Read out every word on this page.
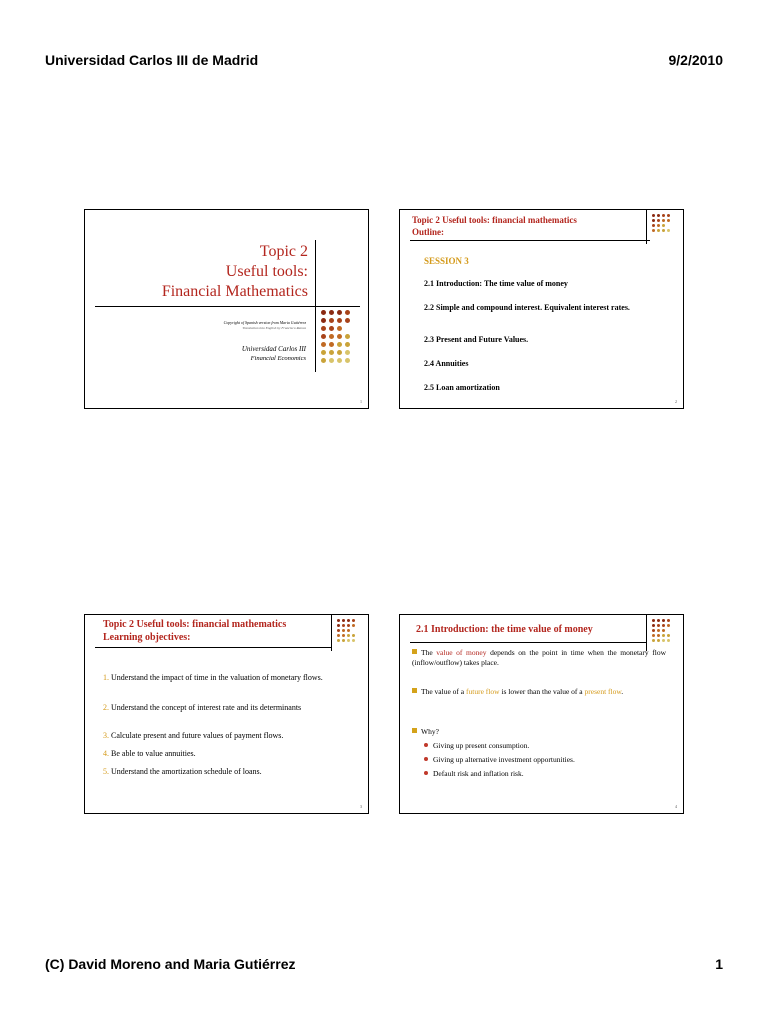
Universidad Carlos III de Madrid	9/2/2010
Topic 2
Useful tools:
Financial Mathematics
Copyright of Spanish version from Maria Gutiérrez
Translation into English by Francisco Ramos
Universidad Carlos III
Financial Economics
1
Topic 2 Useful tools: financial mathematics
Outline:
SESSION 3
2.1 Introduction: The time value of money
2.2 Simple and compound interest. Equivalent interest rates.
2.3 Present and Future Values.
2.4 Annuities
2.5 Loan amortization
2
Topic 2 Useful tools: financial mathematics
Learning objectives:
1. Understand the impact of time in the valuation of monetary flows.
2. Understand the concept of interest rate and its determinants
3. Calculate present and future values of payment flows.
4. Be able to value annuities.
5. Understand the amortization schedule of loans.
3
2.1 Introduction: the time value of money
The value of money depends on the point in time when the monetary flow (inflow/outflow) takes place.
The value of a future flow is lower than the value of a present flow.
Why?
Giving up present consumption.
Giving up alternative investment opportunities.
Default risk and inflation risk.
4
(C) David Moreno and Maria Gutiérrez	1
